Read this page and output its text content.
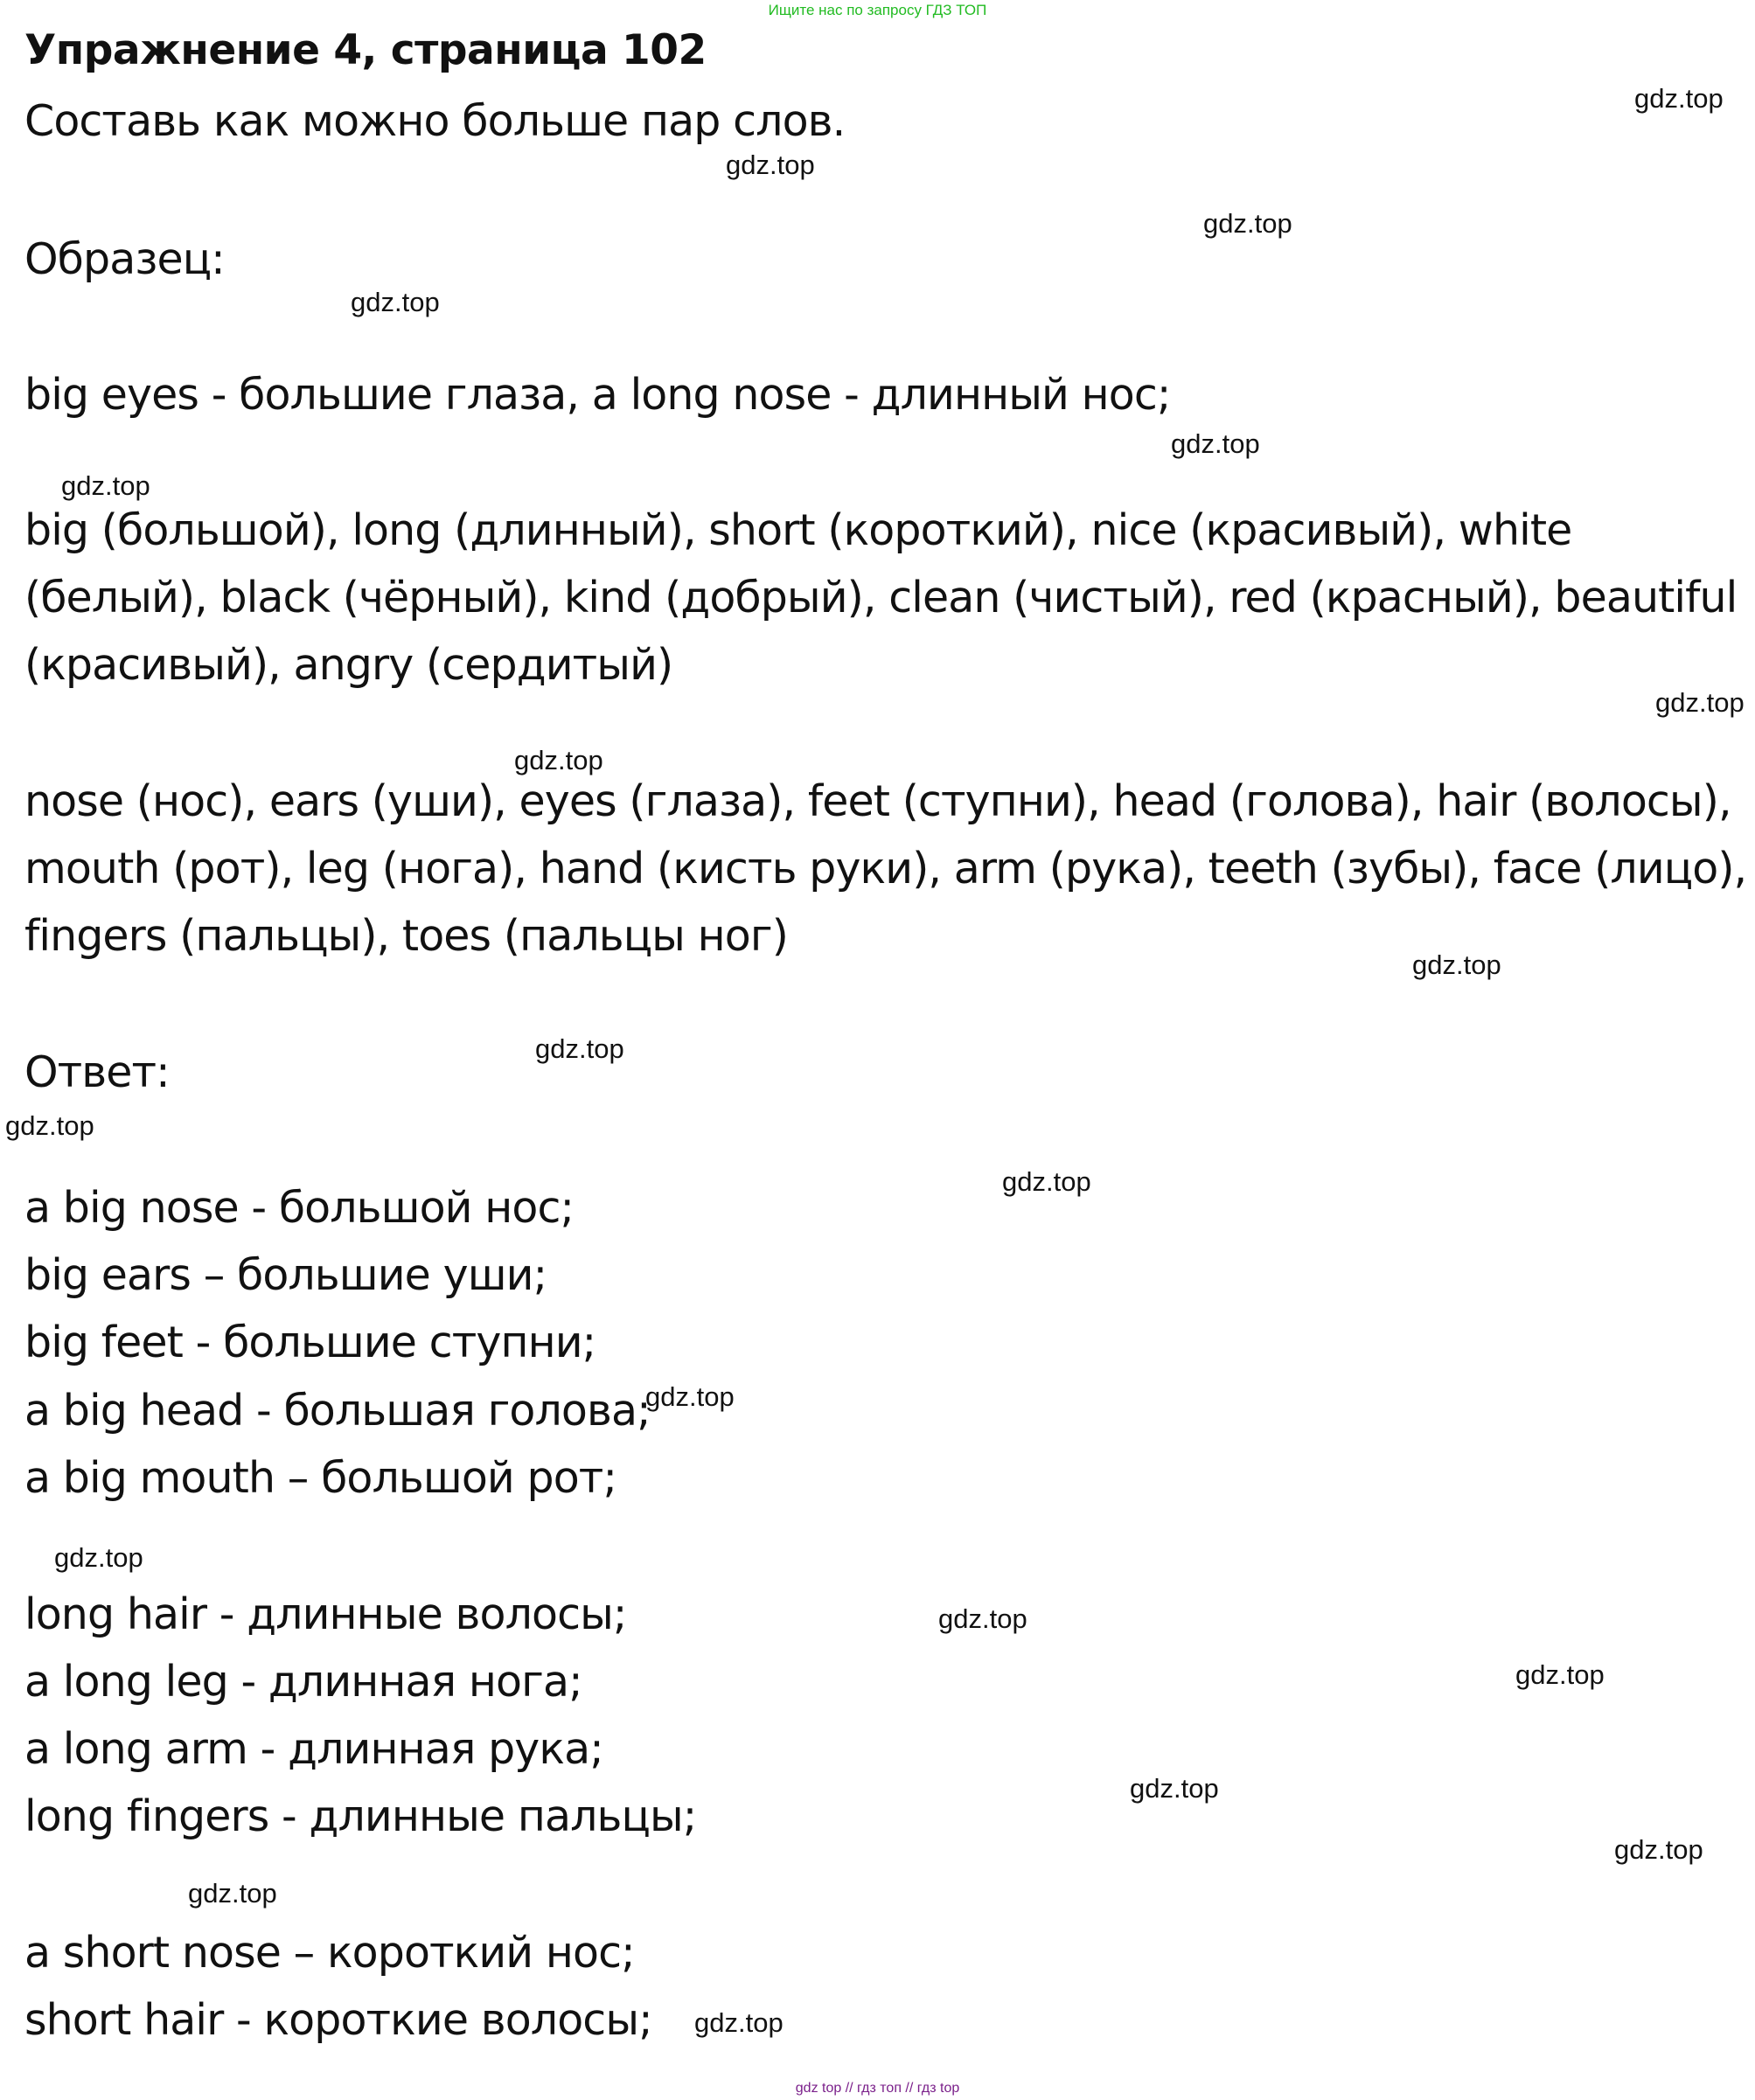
Ищите нас по запросу ГДЗ ТОП
Упражнение 4, страница 102

Составь как можно больше пар слов.

Образец:

big eyes - большие глаза, a long nose - длинный нос;

big (большой), long (длинный), short (короткий), nice (красивый), white

(белый), black (чёрный), kind (добрый), clean (чистый), red (красный), beautiful

(красивый), angry (сердитый)

nose (нос), ears (уши), eyes (глаза), feet (ступни), head (голова), hair (волосы),

mouth (рот), leg (нога), hand (кисть руки), arm (рука), teeth (зубы), face (лицо),

fingers (пальцы), toes (пальцы ног)

Ответ:

a big nose - большой нос;

big ears – большие уши;

big feet - большие ступни;

a big head - большая голова;

a big mouth – большой рот;

long hair - длинные волосы;

a long leg - длинная нога;

a long arm - длинная рука;

long fingers - длинные пальцы;

a short nose – короткий нос;

short hair - короткие волосы;

gdz.top
gdz.top
gdz.top
gdz.top
gdz.top
gdz.top
gdz.top
gdz.top
gdz.top
gdz.top
gdz.top
gdz.top
gdz.top
gdz.top
gdz.top
gdz.top
gdz.top
gdz.top
gdz.top
gdz.top
gdz top // гдз топ // гдз top
